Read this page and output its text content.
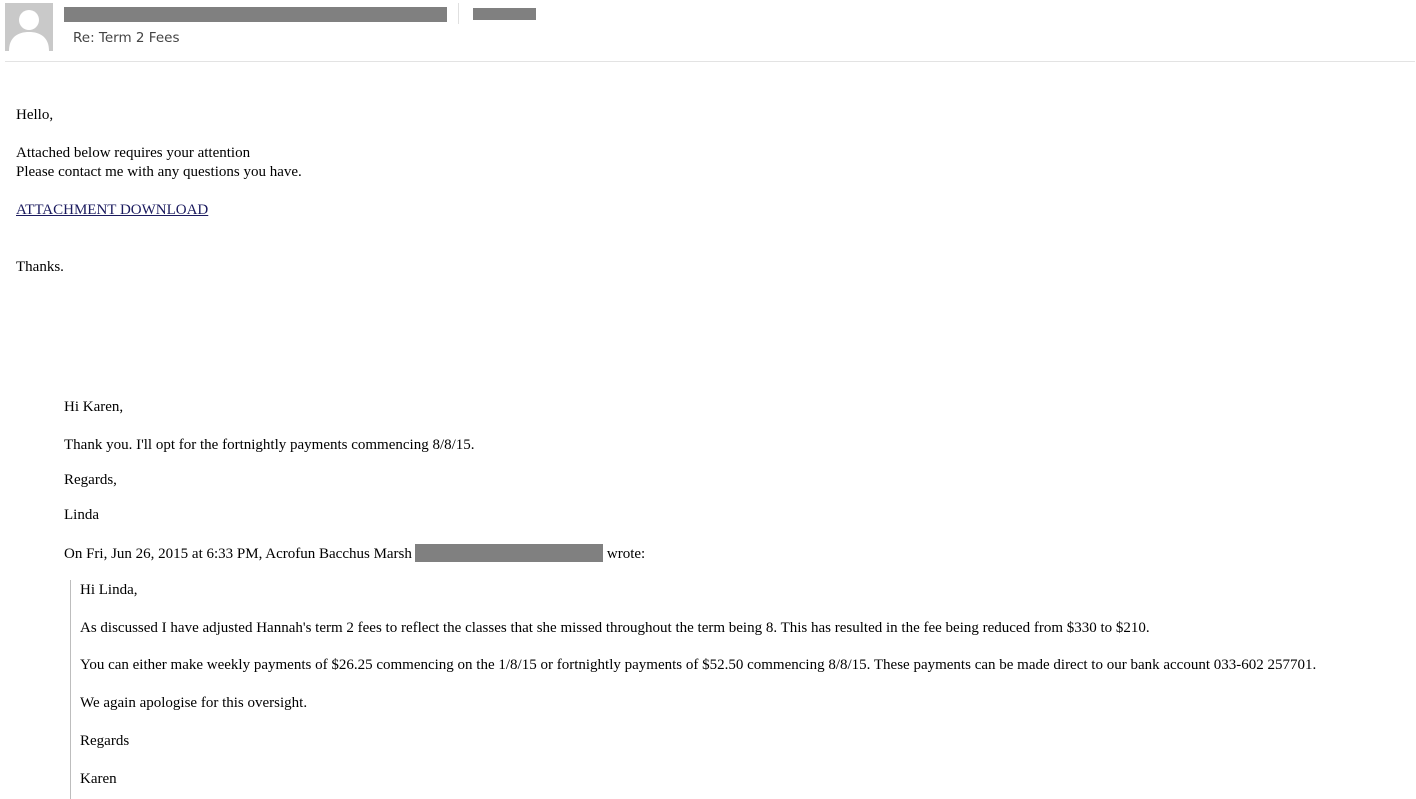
Re: Term 2 Fees

Hello,

Attached below requires your attention

Please contact me with any questions you have.

ATTACHMENT DOWNLOAD

Thanks.

Hi Karen,

Thank you. I'll opt for the fortnightly payments commencing 8/8/15.

Regards,

Linda

On Fri, Jun 26, 2015 at 6:33 PM, Acrofun Bacchus Marsh	wrote:

Hi Linda,

As discussed I have adjusted Hannah's term 2 fees to reflect the classes that she missed throughout the term being 8. This has resulted in the fee being reduced from $330 to $210.

You can either make weekly payments of $26.25 commencing on the 1/8/15 or fortnightly payments of $52.50 commencing 8/8/15. These payments can be made direct to our bank account 033-602 257701.

We again apologise for this oversight.

Regards

Karen
